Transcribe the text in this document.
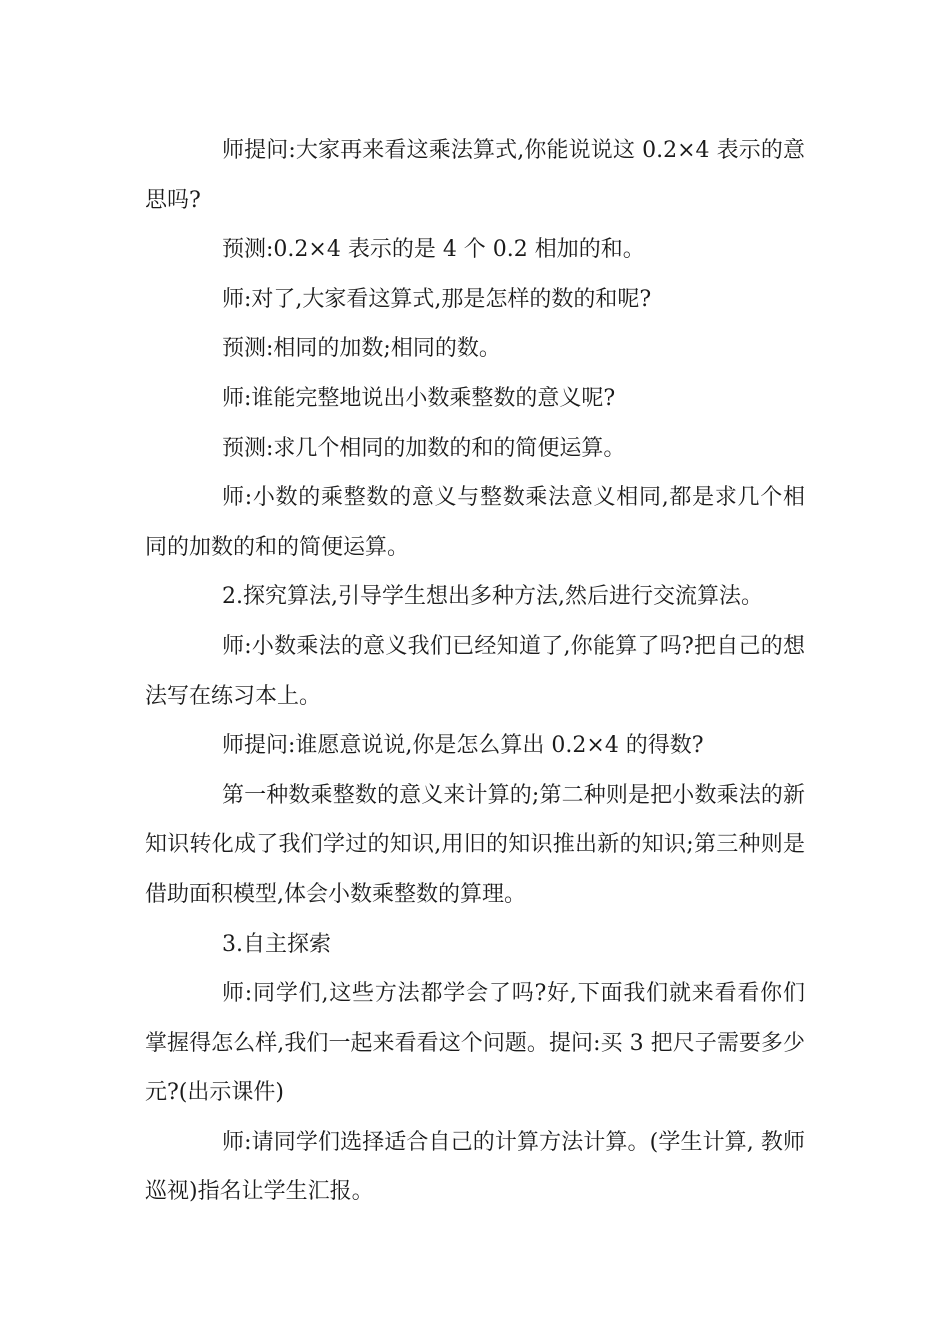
师提问:大家再来看这乘法算式,你能说说这 0.2×4 表示的意思吗?

预测:0.2×4 表示的是 4 个 0.2 相加的和。

师:对了,大家看这算式,那是怎样的数的和呢?

预测:相同的加数;相同的数。

师:谁能完整地说出小数乘整数的意义呢?

预测:求几个相同的加数的和的简便运算。

师:小数的乘整数的意义与整数乘法意义相同,都是求几个相同的加数的和的简便运算。

2.探究算法,引导学生想出多种方法,然后进行交流算法。

师:小数乘法的意义我们已经知道了,你能算了吗?把自己的想法写在练习本上。

师提问:谁愿意说说,你是怎么算出 0.2×4 的得数?

第一种数乘整数的意义来计算的;第二种则是把小数乘法的新知识转化成了我们学过的知识,用旧的知识推出新的知识;第三种则是借助面积模型,体会小数乘整数的算理。

3.自主探索

师:同学们,这些方法都学会了吗?好,下面我们就来看看你们掌握得怎么样,我们一起来看看这个问题。提问:买 3 把尺子需要多少元?(出示课件)

师:请同学们选择适合自己的计算方法计算。(学生计算, 教师巡视)指名让学生汇报。
